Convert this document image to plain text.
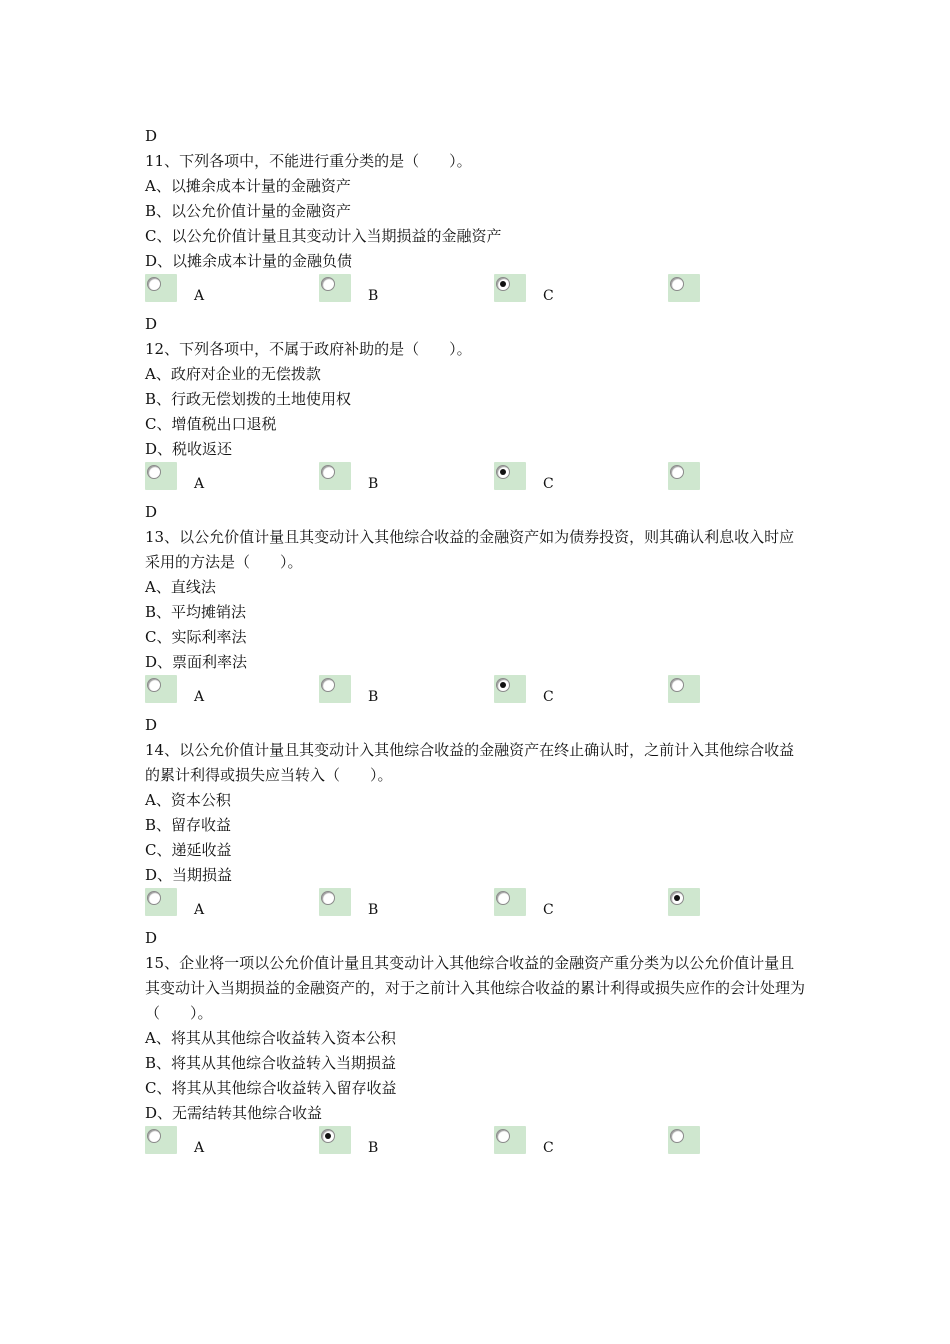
D
11、下列各项中，不能进行重分类的是（　　）。
A、以摊余成本计量的金融资产
B、以公允价值计量的金融资产
C、以公允价值计量且其变动计入当期损益的金融资产
D、以摊余成本计量的金融负债
A	B	C
D
12、下列各项中，不属于政府补助的是（　　）。
A、政府对企业的无偿拨款
B、行政无偿划拨的土地使用权
C、增值税出口退税
D、税收返还
A	B	C
D
13、以公允价值计量且其变动计入其他综合收益的金融资产如为债券投资，则其确认利息收入时应采用的方法是（　　）。
A、直线法
B、平均摊销法
C、实际利率法
D、票面利率法
A	B	C
D
14、以公允价值计量且其变动计入其他综合收益的金融资产在终止确认时，之前计入其他综合收益的累计利得或损失应当转入（　　）。
A、资本公积
B、留存收益
C、递延收益
D、当期损益
A	B	C
D
15、企业将一项以公允价值计量且其变动计入其他综合收益的金融资产重分类为以公允价值计量且其变动计入当期损益的金融资产的，对于之前计入其他综合收益的累计利得或损失应作的会计处理为（　　）。
A、将其从其他综合收益转入资本公积
B、将其从其他综合收益转入当期损益
C、将其从其他综合收益转入留存收益
D、无需结转其他综合收益
A	B	C
